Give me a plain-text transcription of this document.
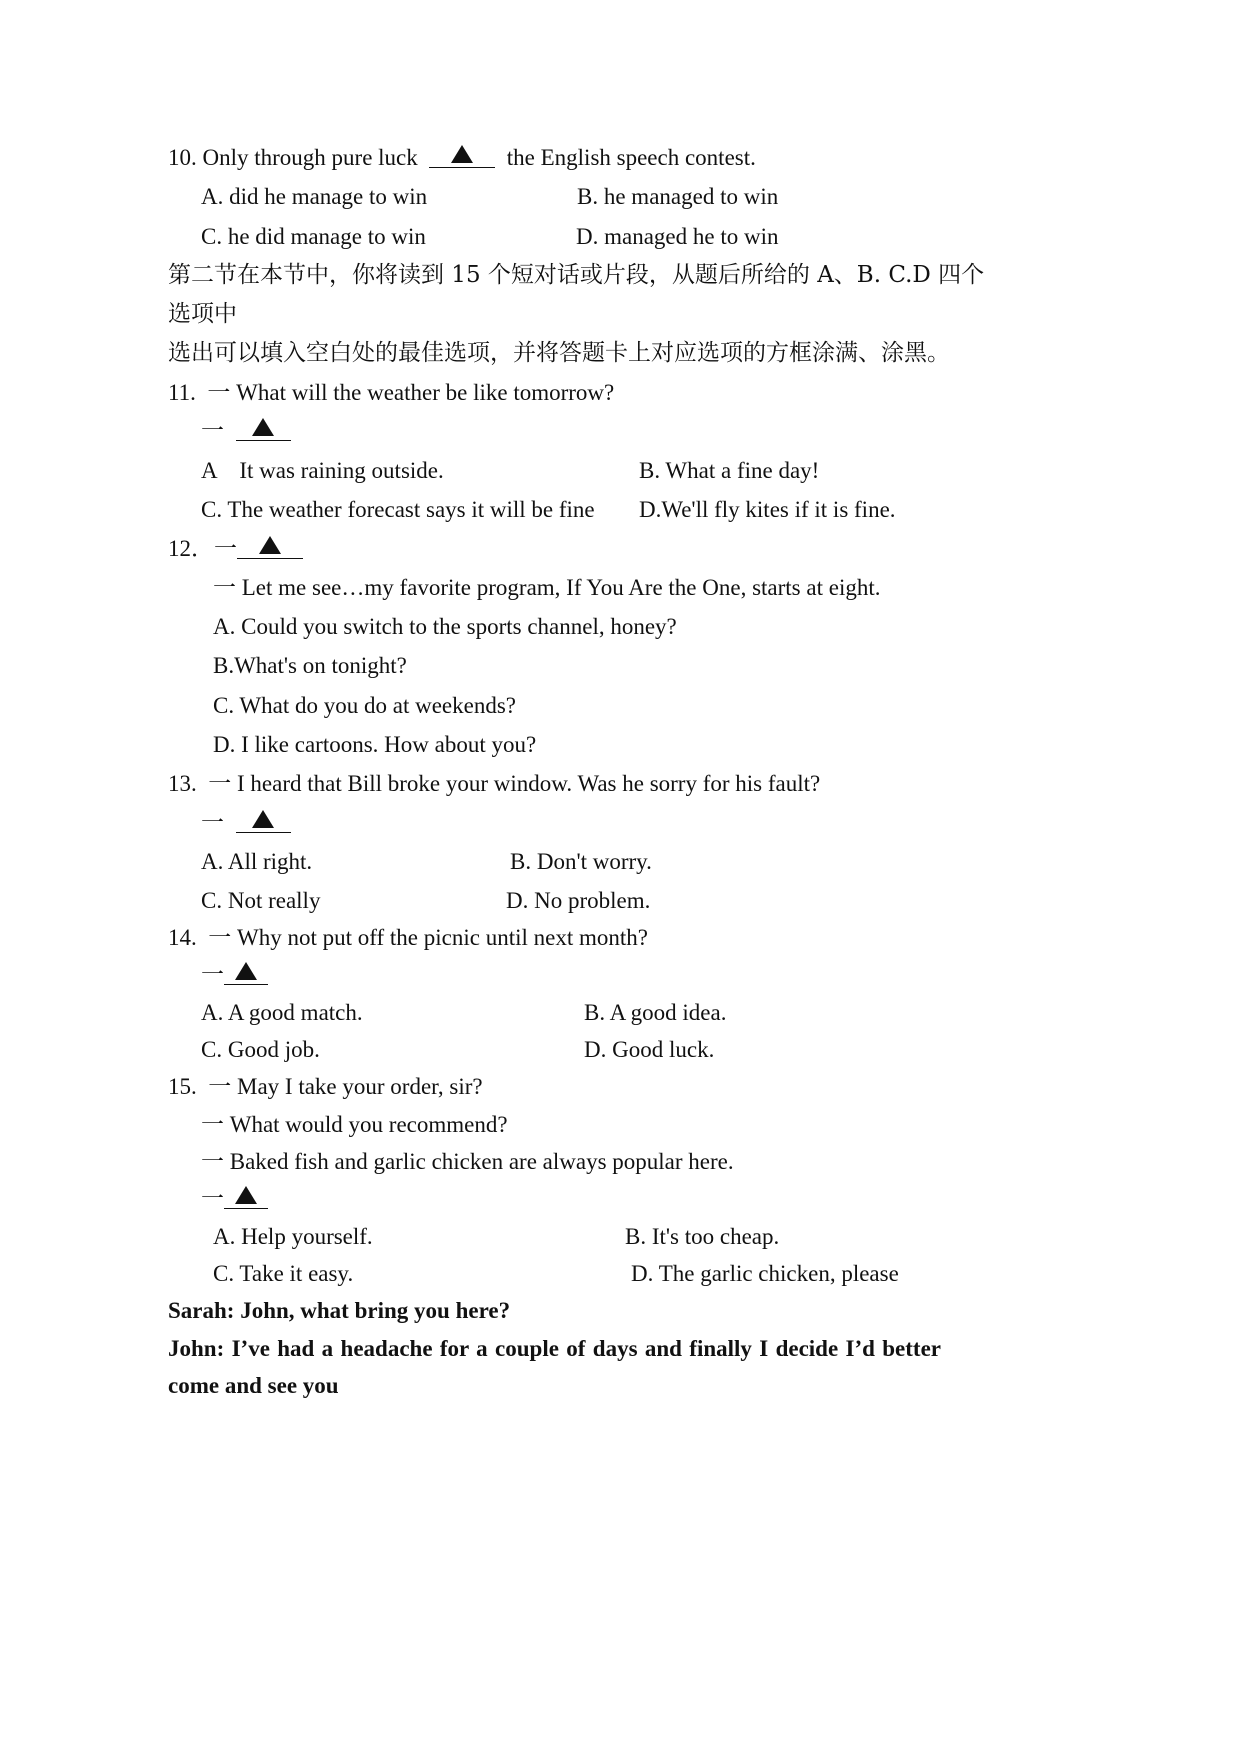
10. Only through pure luck	the English speech contest.
A. did he manage to win	B. he managed to win
C. he did manage to win	D. managed he to win
第二节在本节中，你将读到 15 个短对话或片段，从题后所给的 A、B. C.D 四个
选项中
选出可以填入空白处的最佳选项，并将答题卡上对应选项的方框涂满、涂黑。
11.  一 What will the weather be like tomorrow?
一
A    It was raining outside.	B. What a fine day!
C. The weather forecast says it will be fine D.We'll fly kites if it is fine.
12．一
一 Let me see…my favorite program, If You Are the One, starts at eight.
A. Could you switch to the sports channel, honey?
B.What's on tonight?
C. What do you do at weekends?
D. I like cartoons. How about you?
13.  一 I heard that Bill broke your window. Was he sorry for his fault?
一
A. All right.	B. Don't worry.
C. Not really	D. No problem.
14.  一 Why not put off the picnic until next month?
一
A. A good match.	B. A good idea.
C. Good job.	D. Good luck.
15.  一 May I take your order, sir?
一 What would you recommend?
一 Baked fish and garlic chicken are always popular here.
一
A. Help yourself.	B. It's too cheap.
C. Take it easy.	D. The garlic chicken, please
Sarah: John, what bring you here?
John: I’ve had a headache for a couple of days and finally I decide I’d better
come and see you
